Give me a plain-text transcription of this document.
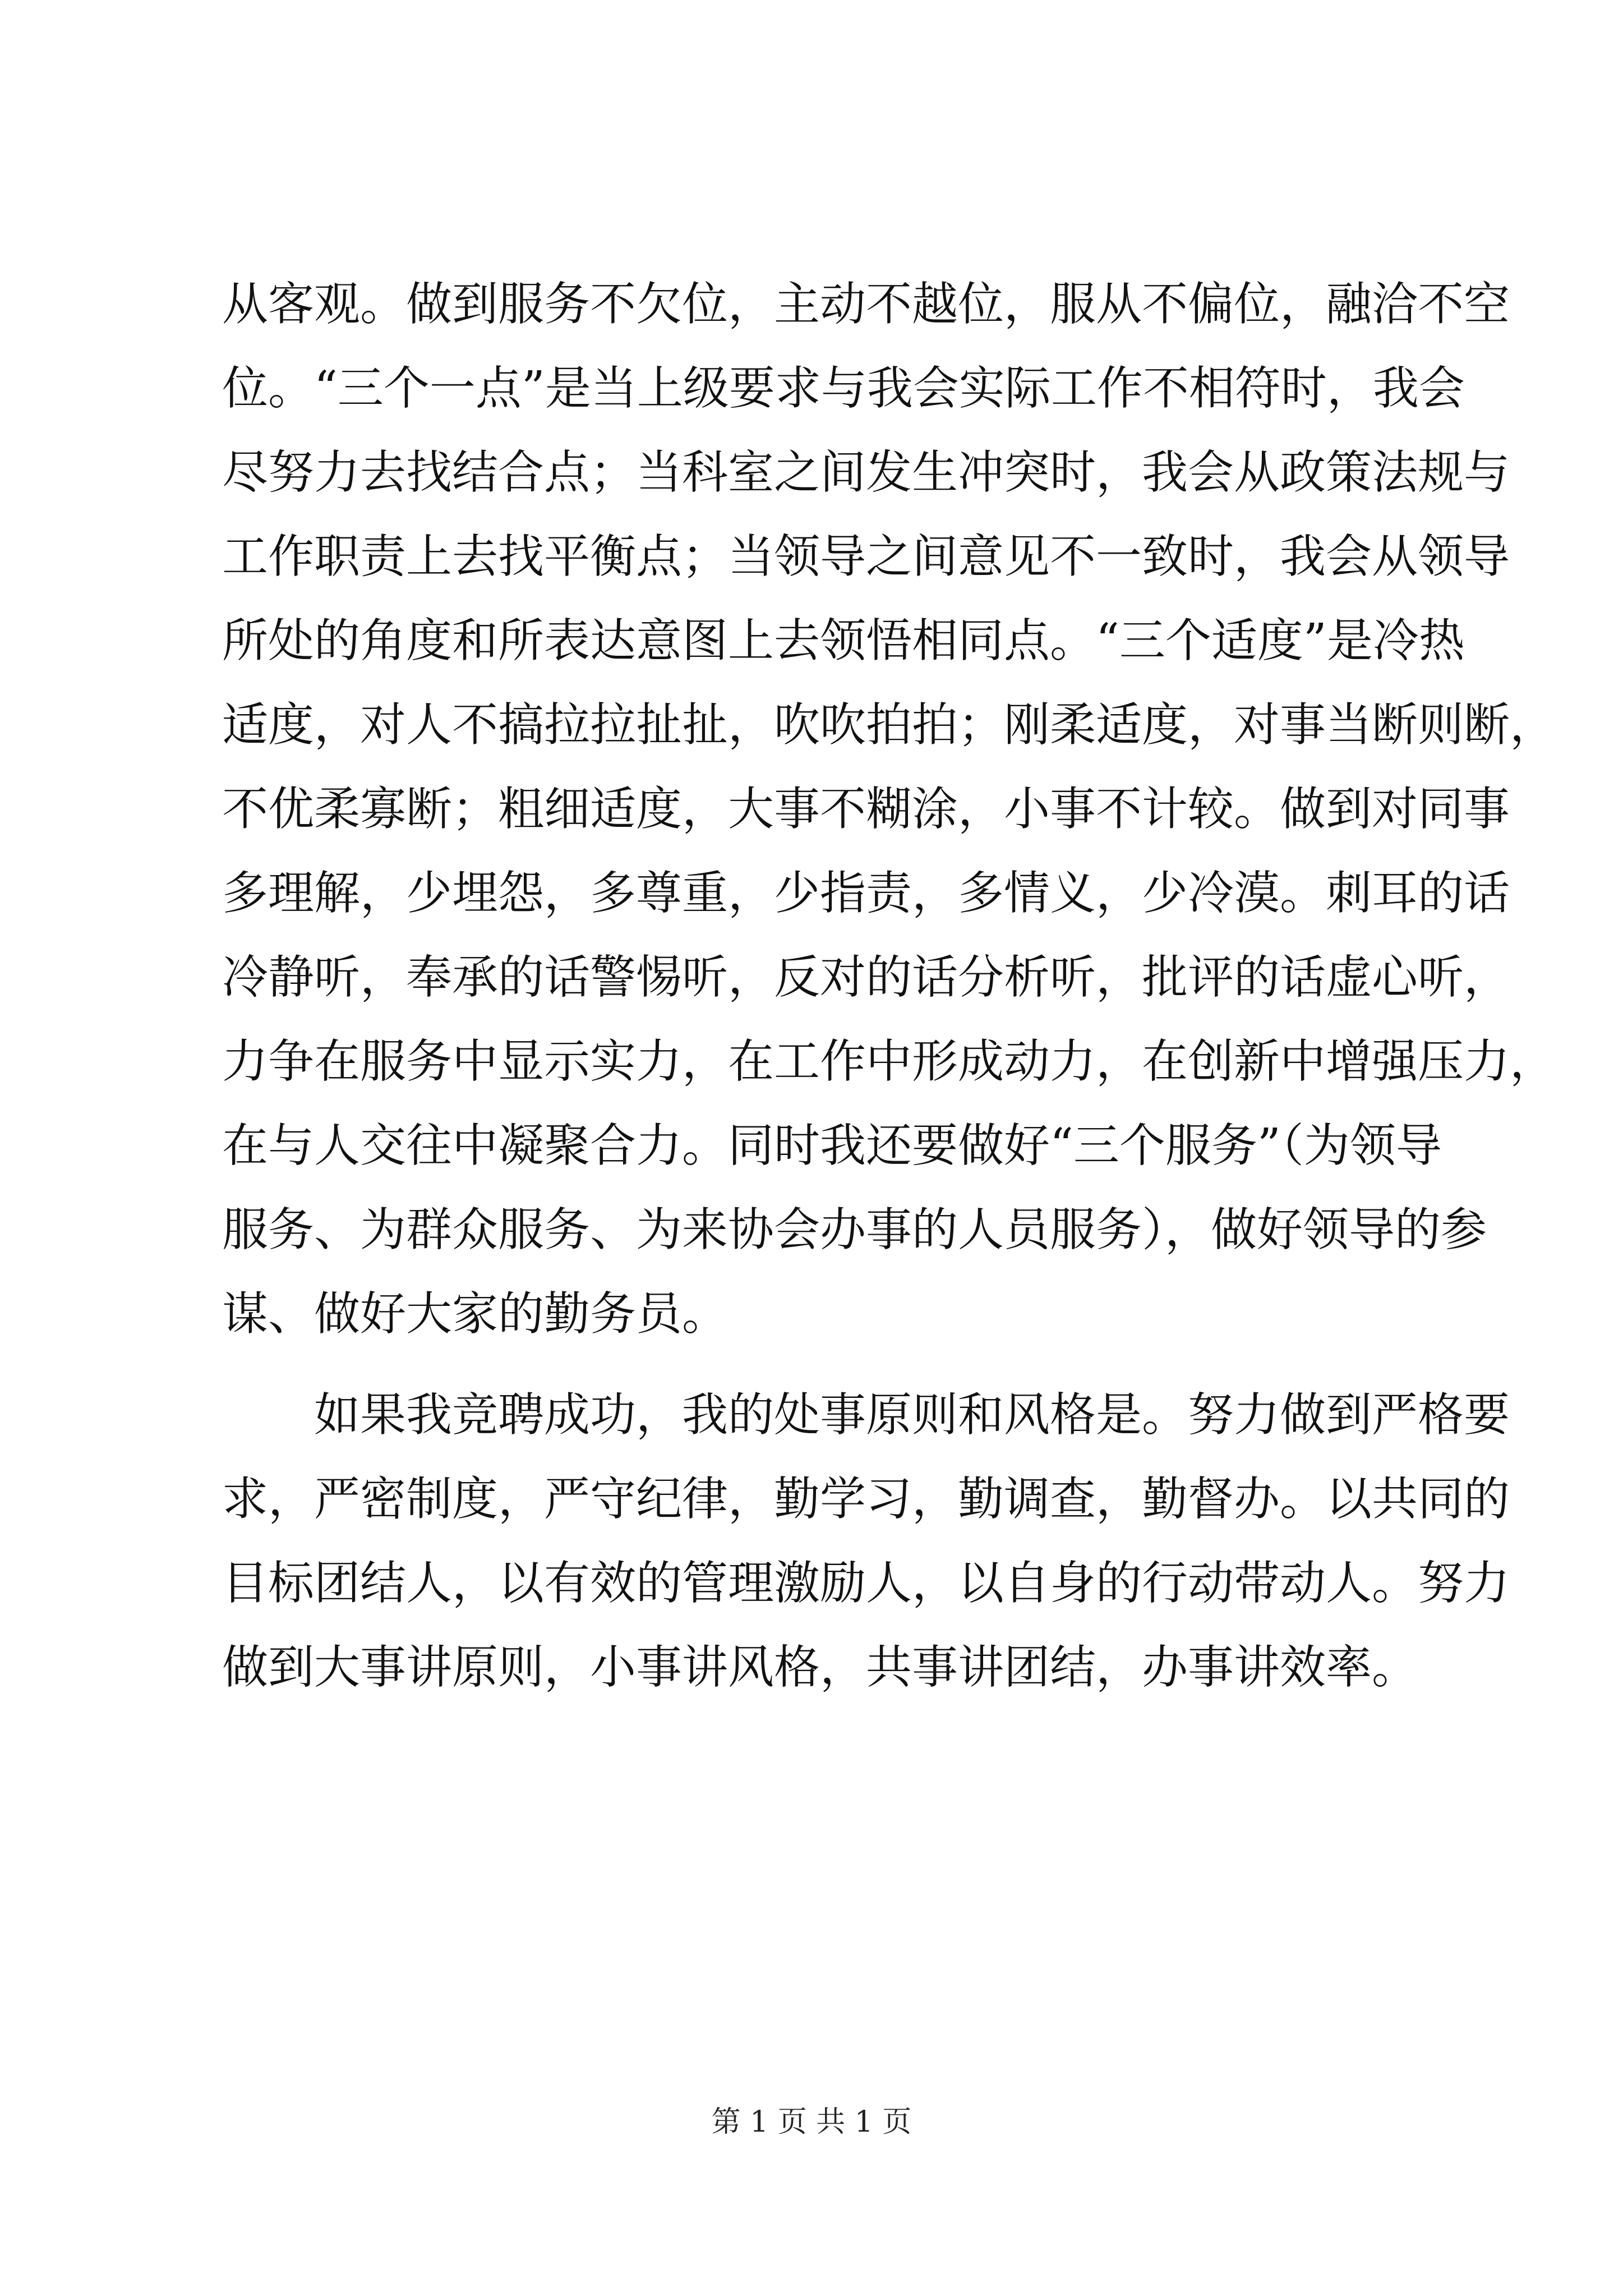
从客观。做到服务不欠位，主动不越位，服从不偏位，融洽不空
位。“三个一点”是当上级要求与我会实际工作不相符时，我会
尽努力去找结合点；当科室之间发生冲突时，我会从政策法规与
工作职责上去找平衡点；当领导之间意见不一致时，我会从领导
所处的角度和所表达意图上去领悟相同点。“三个适度”是冷热
适度，对人不搞拉拉扯扯，吹吹拍拍；刚柔适度，对事当断则断，
不优柔寡断；粗细适度，大事不糊涂，小事不计较。做到对同事
多理解，少埋怨，多尊重，少指责，多情义，少冷漠。刺耳的话
冷静听，奉承的话警惕听，反对的话分析听，批评的话虚心听，
力争在服务中显示实力，在工作中形成动力，在创新中增强压力，
在与人交往中凝聚合力。同时我还要做好“三个服务”（为领导
服务、为群众服务、为来协会办事的人员服务），做好领导的参
谋、做好大家的勤务员。
如果我竞聘成功，我的处事原则和风格是。努力做到严格要
求，严密制度，严守纪律，勤学习，勤调查，勤督办。以共同的
目标团结人，以有效的管理激励人，以自身的行动带动人。努力
做到大事讲原则，小事讲风格，共事讲团结，办事讲效率。
第 1 页 共 1 页
